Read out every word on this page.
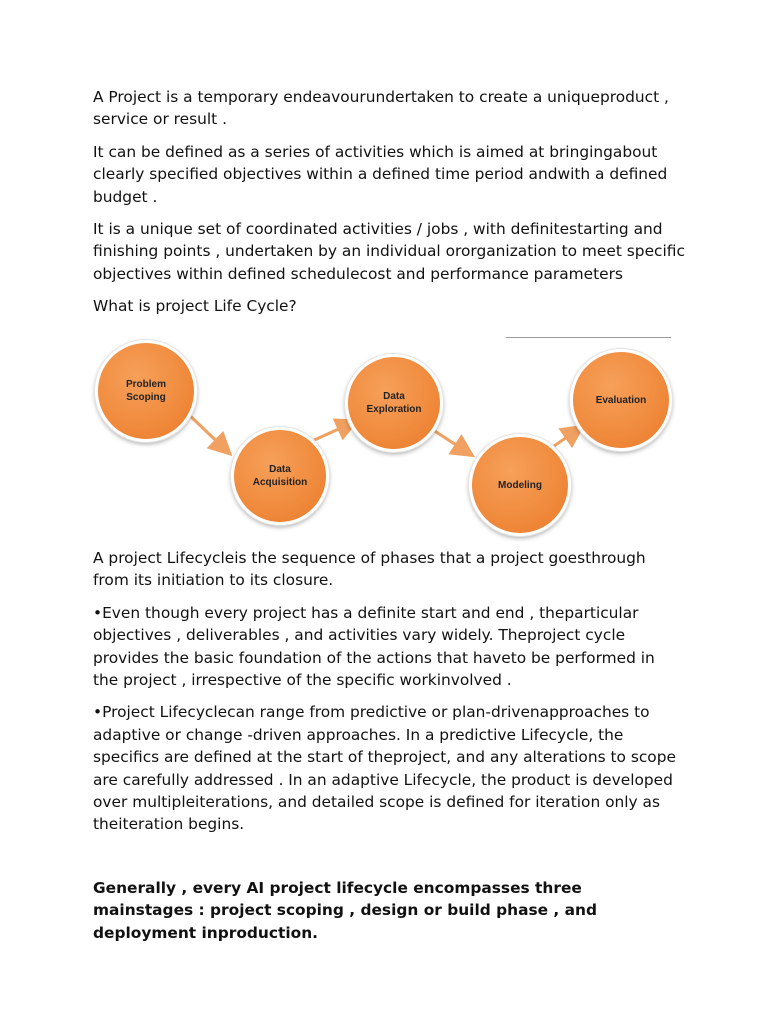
A Project is a temporary endeavourundertaken to create a uniqueproduct , service or result .

It can be defined as a series of activities which is aimed at bringingabout clearly specified objectives within a defined time period andwith a defined budget .

It is a unique set of coordinated activities / jobs , with definitestarting and finishing points , undertaken by an individual ororganization to meet specific objectives within defined schedulecost and performance parameters

What is project Life Cycle?

Problem
Scoping
Data
Acquisition
Data
Exploration
Modeling
Evaluation

A project Lifecycleis the sequence of phases that a project goesthrough from its initiation to its closure.

•Even though every project has a definite start and end , theparticular objectives , deliverables , and activities vary widely. Theproject cycle provides the basic foundation of the actions that haveto be performed in the project , irrespective of the specific workinvolved .

•Project Lifecyclecan range from predictive or plan-drivenapproaches to adaptive or change -driven approaches. In a predictive Lifecycle, the specifics are defined at the start of theproject, and any alterations to scope are carefully addressed . In an adaptive Lifecycle, the product is developed over multipleiterations, and detailed scope is defined for iteration only as theiteration begins.

Generally , every AI project lifecycle encompasses three mainstages : project scoping , design or build phase , and deployment inproduction.
